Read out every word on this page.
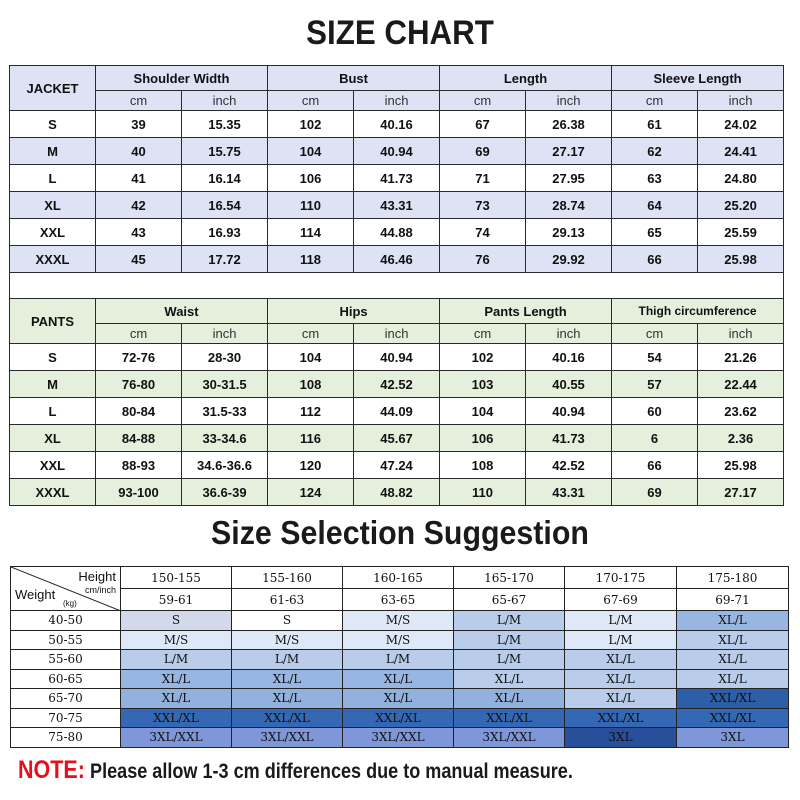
SIZE CHART
JACKET	Shoulder Width		Bust		Length		Sleeve Length	
	cm	inch	cm	inch	cm	inch	cm	inch
S	39	15.35	102	40.16	67	26.38	61	24.02
M	40	15.75	104	40.94	69	27.17	62	24.41
L	41	16.14	106	41.73	71	27.95	63	24.80
XL	42	16.54	110	43.31	73	28.74	64	25.20
XXL	43	16.93	114	44.88	74	29.13	65	25.59
XXXL	45	17.72	118	46.46	76	29.92	66	25.98

PANTS	Waist		Hips		Pants Length		Thigh circumference	
	cm	inch	cm	inch	cm	inch	cm	inch
S	72-76	28-30	104	40.94	102	40.16	54	21.26
M	76-80	30-31.5	108	42.52	103	40.55	57	22.44
L	80-84	31.5-33	112	44.09	104	40.94	60	23.62
XL	84-88	33-34.6	116	45.67	106	41.73	6	2.36
XXL	88-93	34.6-36.6	120	47.24	108	42.52	66	25.98
XXXL	93-100	36.6-39	124	48.82	110	43.31	69	27.17
Size Selection Suggestion
Height
cm/inch
Weight
(kg)	150-155	155-160	160-165	165-170	170-175	175-180
	59-61	61-63	63-65	65-67	67-69	69-71
40-50	S	S	M/S	L/M	L/M	XL/L
50-55	M/S	M/S	M/S	L/M	L/M	XL/L
55-60	L/M	L/M	L/M	L/M	XL/L	XL/L
60-65	XL/L	XL/L	XL/L	XL/L	XL/L	XL/L
65-70	XL/L	XL/L	XL/L	XL/L	XL/L	XXL/XL
70-75	XXL/XL	XXL/XL	XXL/XL	XXL/XL	XXL/XL	XXL/XL
75-80	3XL/XXL	3XL/XXL	3XL/XXL	3XL/XXL	3XL	3XL
NOTE: Please allow 1-3 cm differences due to manual measure.
